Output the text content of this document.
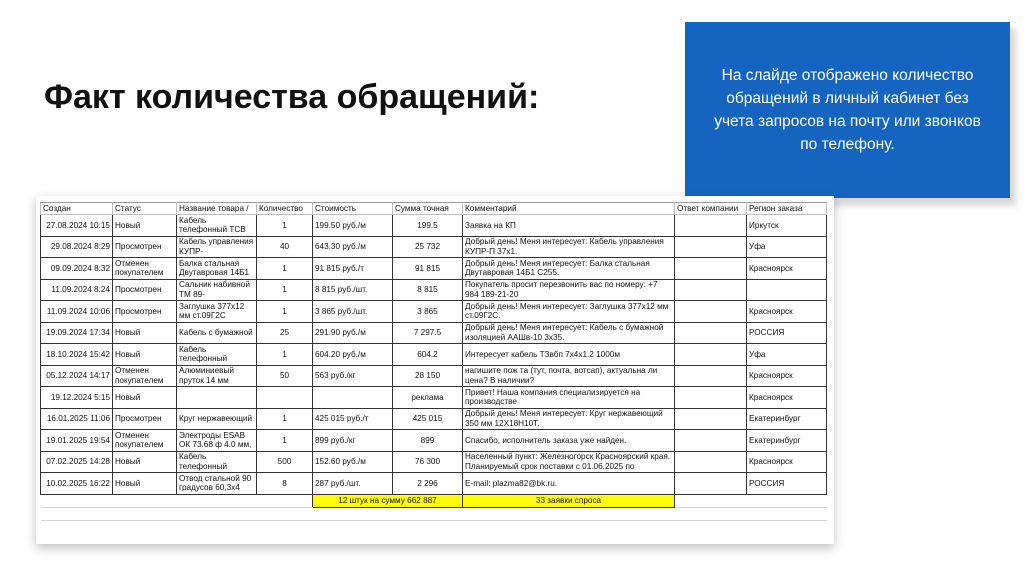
Факт количества обращений:
На слайде отображено количество обращений в личный кабинет без учета запросов на почту или звонков по телефону.
Создан	Статус	Название товара /	Количество	Стоимость	Сумма точная	Комментарий	Ответ компании	Регион заказа
27.08.2024 10:15	Новый	Кабель телефонный ТСВ	1	199.50 руб./м	199.5	Заявка на КП		Иркутск
29.08.2024 8:29	Просмотрен	Кабель управления КУПР-	40	643.30 руб./м	25 732	Добрый день! Меня интересует: Кабель управления КУПР-П 37х1.		Уфа
09.09.2024 8:32	Отменен покупателем	Балка стальная Двутавровая 14Б1	1	91 815 руб./т	91 815	Добрый день! Меня интересует: Балка стальная Двутавровая 14Б1 С255.		Красноярск
11.09.2024 8:24	Просмотрен	Сальник набивной ТМ 89-	1	8 815 руб./шт.	8 815	Покупатель просит перезвонить вас по номеру: +7 984 189-21-20		
11.09.2024 10:06	Просмотрен	Заглушка 377х12 мм ст.09Г2С	1	3 865 руб./шт.	3 865	Добрый день! Меня интересует: Заглушка 377х12 мм ст.09Г2С.		Красноярск
19.09.2024 17:34	Новый	Кабель с бумажной	25	291.90 руб./м	7 297.5	Добрый день! Меня интересует: Кабель с бумажной изоляцией ААШв-10 3х35.		РОССИЯ
18.10.2024 15:42	Новый	Кабель телефонный	1	604.20 руб./м	604.2	Интересует кабель ТЗвбп 7х4х1.2 1000м		Уфа
05.12.2024 14:17	Отменен покупателем	Алюминиевый пруток 14 мм	50	563 руб./кг	28 150	нагишите пож та (тут, почта, вотсап), актуальна ли цена? В наличии?		Красноярск
19.12.2024 5:15	Новый				реклама	Привет! Наша компания специализируется на производстве		Красноярск
16.01.2025 11:06	Просмотрен	Круг нержавеющий	1	425 015 руб./т	425 015	Добрый день! Меня интересует: Круг нержавеющий 350 мм 12Х18Н10Т.		Екатеринбург
19.01.2025 19:54	Отменен покупателем	Электроды ESAB ОК 73.68 ф 4.0 мм,	1	899 руб./кг	899	Спасибо, исполнитель заказа уже найден.		Екатеринбург
07.02.2025 14:28	Новый	Кабель телефонный	500	152.60 руб./м	76 300	Населенный пункт: Железногорск Красноярский края. Планируемый срок поставки с 01.06.2025 по		Красноярск
10.02.2025 16:22	Новый	Отвод стальной 90 градусов 60,3х4	8	287 руб./шт.	2 296	E-mail: plazma82@bk.ru.		РОССИЯ
				12 штук на сумму 662 887		33 заявки спроса		
